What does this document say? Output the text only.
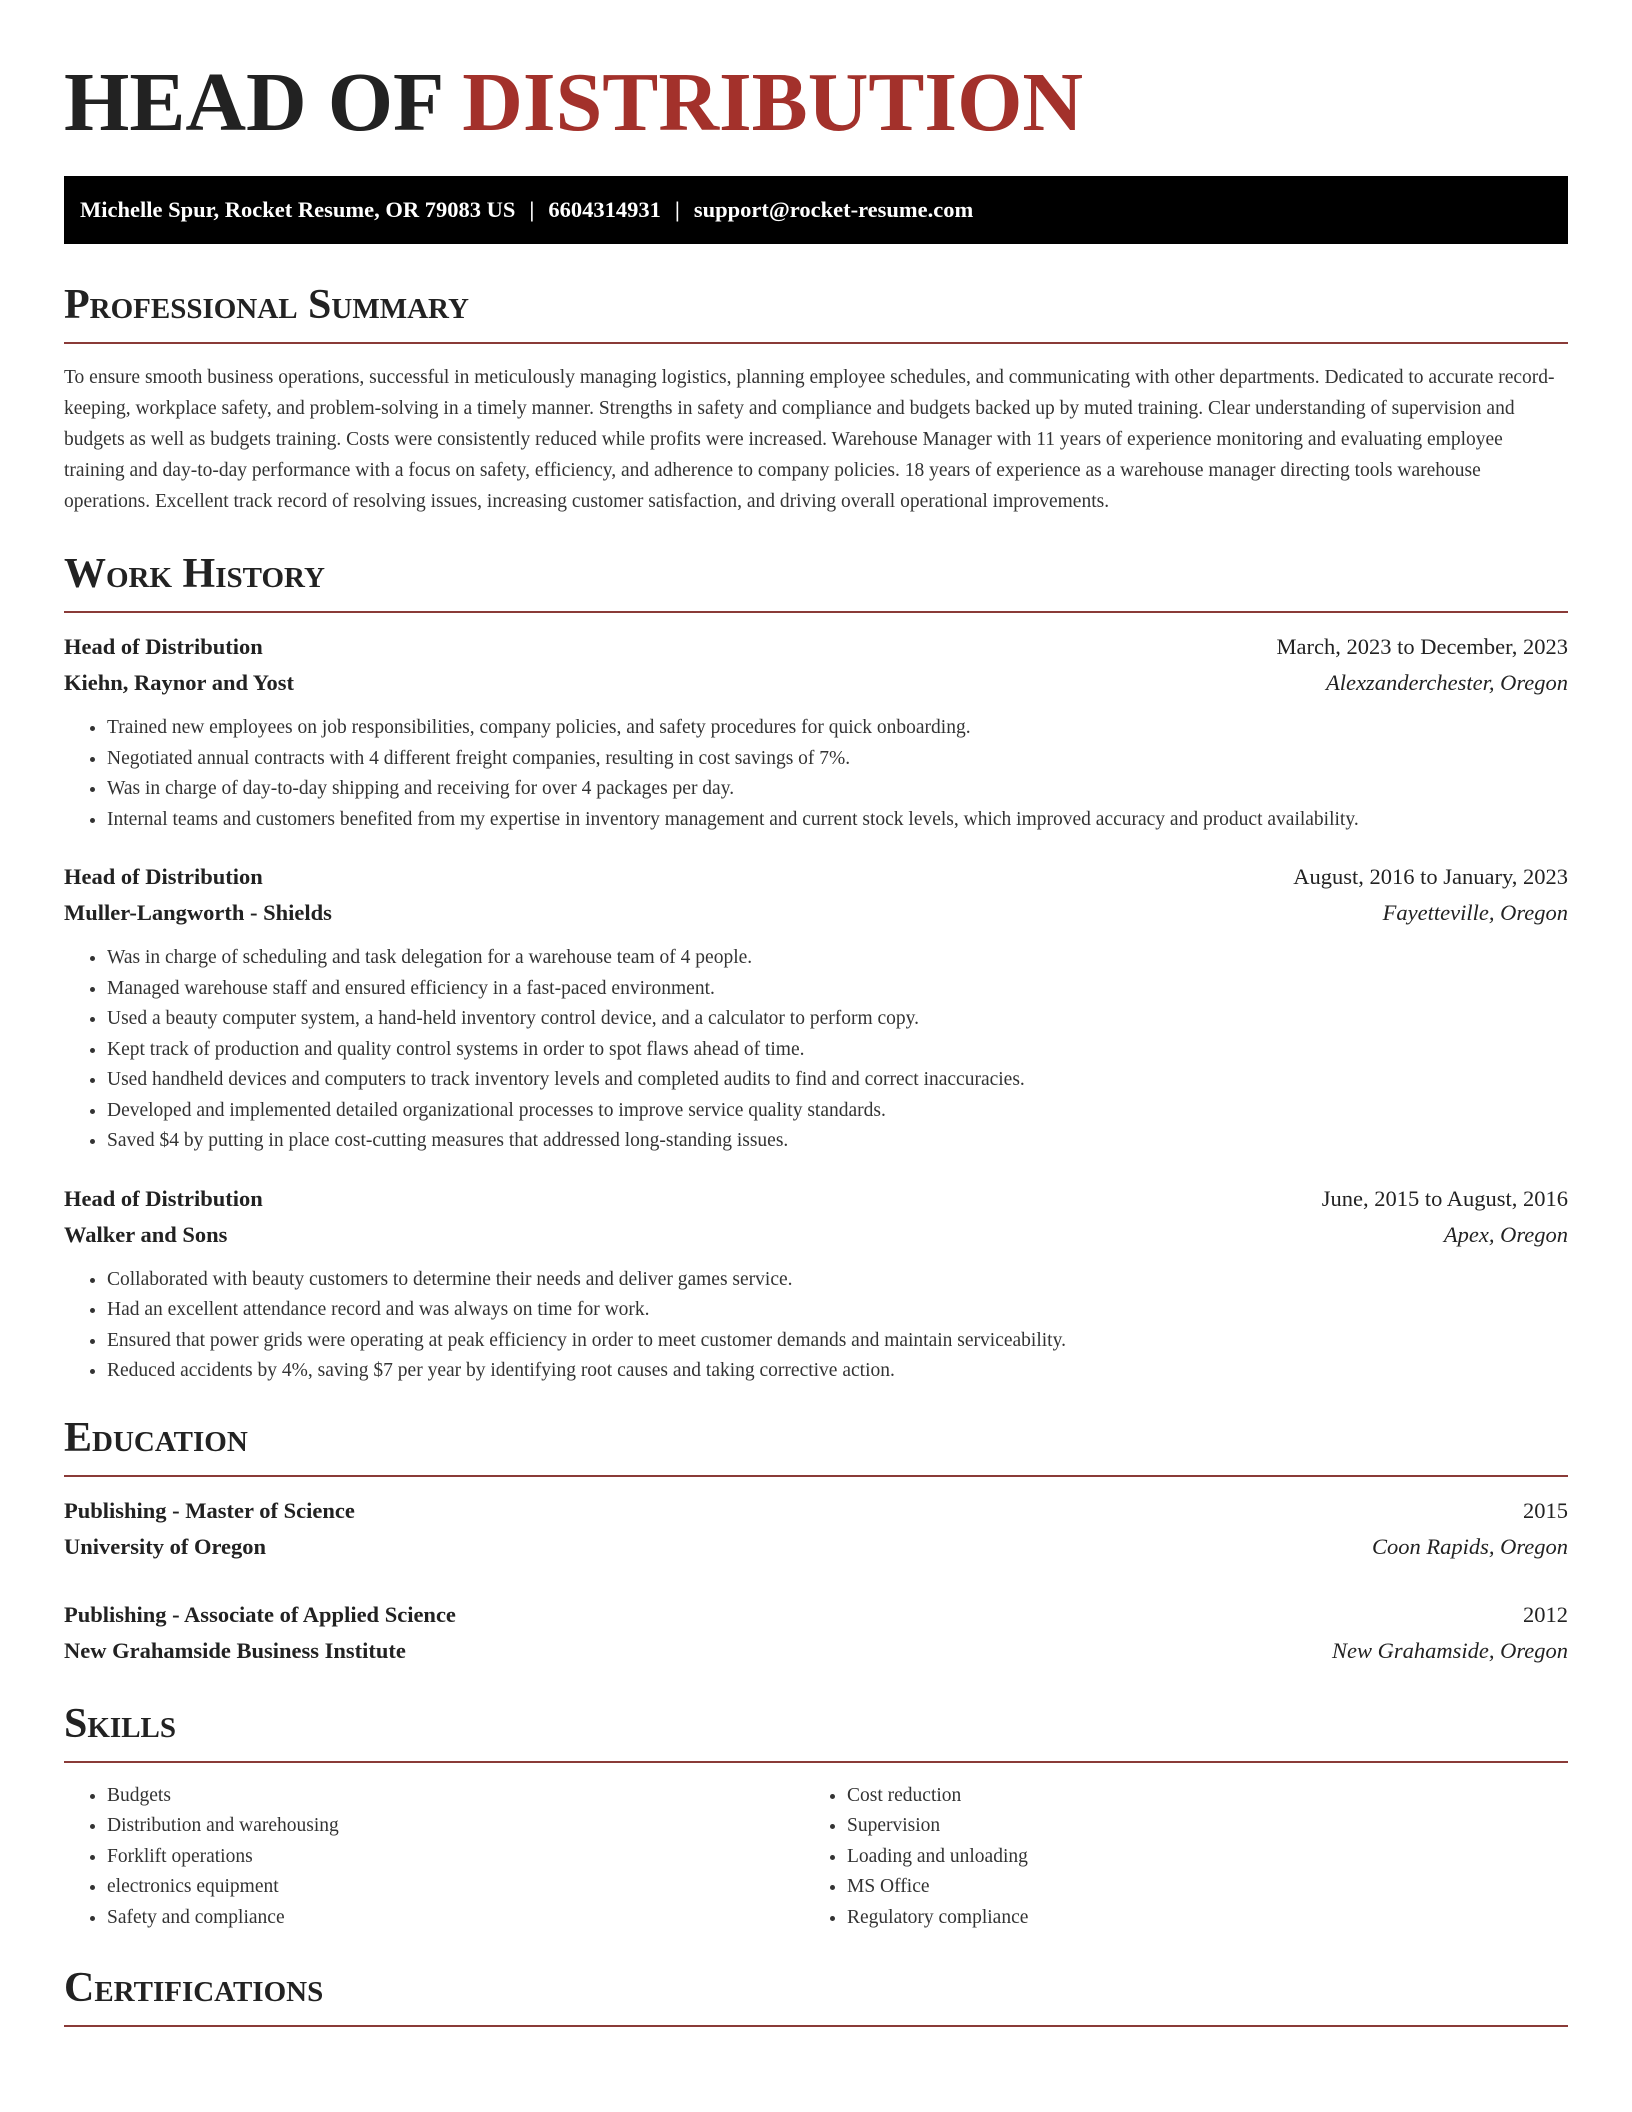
HEAD OF DISTRIBUTION
Michelle Spur, Rocket Resume, OR 79083 US | 6604314931 | support@rocket-resume.com
Professional Summary

To ensure smooth business operations, successful in meticulously managing logistics, planning employee schedules, and communicating with other departments. Dedicated to accurate record-keeping, workplace safety, and problem-solving in a timely manner. Strengths in safety and compliance and budgets backed up by muted training. Clear understanding of supervision and budgets as well as budgets training. Costs were consistently reduced while profits were increased. Warehouse Manager with 11 years of experience monitoring and evaluating employee training and day-to-day performance with a focus on safety, efficiency, and adherence to company policies. 18 years of experience as a warehouse manager directing tools warehouse operations. Excellent track record of resolving issues, increasing customer satisfaction, and driving overall operational improvements.

Work History
Head of Distribution	March, 2023 to December, 2023
Kiehn, Raynor and Yost	Alexzanderchester, Oregon
• Trained new employees on job responsibilities, company policies, and safety procedures for quick onboarding.
• Negotiated annual contracts with 4 different freight companies, resulting in cost savings of 7%.
• Was in charge of day-to-day shipping and receiving for over 4 packages per day.
• Internal teams and customers benefited from my expertise in inventory management and current stock levels, which improved accuracy and product availability.
Head of Distribution	August, 2016 to January, 2023
Muller-Langworth - Shields	Fayetteville, Oregon
• Was in charge of scheduling and task delegation for a warehouse team of 4 people.
• Managed warehouse staff and ensured efficiency in a fast-paced environment.
• Used a beauty computer system, a hand-held inventory control device, and a calculator to perform copy.
• Kept track of production and quality control systems in order to spot flaws ahead of time.
• Used handheld devices and computers to track inventory levels and completed audits to find and correct inaccuracies.
• Developed and implemented detailed organizational processes to improve service quality standards.
• Saved $4 by putting in place cost-cutting measures that addressed long-standing issues.
Head of Distribution	June, 2015 to August, 2016
Walker and Sons	Apex, Oregon
• Collaborated with beauty customers to determine their needs and deliver games service.
• Had an excellent attendance record and was always on time for work.
• Ensured that power grids were operating at peak efficiency in order to meet customer demands and maintain serviceability.
• Reduced accidents by 4%, saving $7 per year by identifying root causes and taking corrective action.
Education
Publishing - Master of Science	2015
University of Oregon	Coon Rapids, Oregon
Publishing - Associate of Applied Science	2012
New Grahamside Business Institute	New Grahamside, Oregon
Skills
• Budgets
• Distribution and warehousing
• Forklift operations
• electronics equipment
• Safety and compliance
• Cost reduction
• Supervision
• Loading and unloading
• MS Office
• Regulatory compliance
Certifications
